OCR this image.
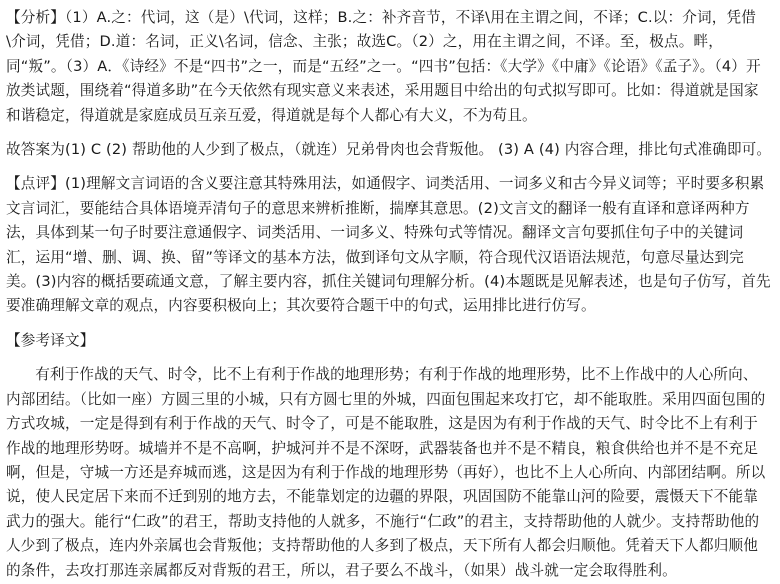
【分析】（1）A.之：代词，这（是）\代词，这样；B.之：补齐音节，不译\用在主谓之间，不译；C.以：介词，凭借\介词，凭借；D.道：名词，正义\名词，信念、主张；故选C。（2）之，用在主谓之间，不译。至，极点。畔，同“叛”。（3）A．《诗经》不是“四书”之一，而是“五经”之一。“四书”包括：《大学》《中庸》《论语》《孟子》。（4）开放类试题，围绕着“得道多助”在今天依然有现实意义来表述，采用题目中给出的句式拟写即可。比如：得道就是国家和谐稳定，得道就是家庭成员互亲互爱，得道就是每个人都心有大义，不为苟且。

故答案为(1) C (2) 帮助他的人少到了极点，（就连）兄弟骨肉也会背叛他。 (3) A (4) 内容合理，排比句式准确即可。

【点评】(1)理解文言词语的含义要注意其特殊用法，如通假字、词类活用、一词多义和古今异义词等；平时要多积累文言词汇，要能结合具体语境弄清句子的意思来辨析推断，揣摩其意思。(2)文言文的翻译一般有直译和意译两种方法，具体到某一句子时要注意通假字、词类活用、一词多义、特殊句式等情况。翻译文言句要抓住句子中的关键词汇，运用“增、删、调、换、留”等译文的基本方法，做到译句文从字顺，符合现代汉语语法规范，句意尽量达到完美。(3)内容的概括要疏通文意，了解主要内容，抓住关键词句理解分析。(4)本题既是见解表述，也是句子仿写，首先要准确理解文章的观点，内容要积极向上；其次要符合题干中的句式，运用排比进行仿写。

【参考译文】

有利于作战的天气、时令，比不上有利于作战的地理形势；有利于作战的地理形势，比不上作战中的人心所向、内部团结。（比如一座）方圆三里的小城，只有方圆七里的外城，四面包围起来攻打它，却不能取胜。采用四面包围的方式攻城，一定是得到有利于作战的天气、时令了，可是不能取胜，这是因为有利于作战的天气、时令比不上有利于作战的地理形势呀。城墙并不是不高啊，护城河并不是不深呀，武器装备也并不是不精良，粮食供给也并不是不充足啊，但是，守城一方还是弃城而逃，这是因为有利于作战的地理形势（再好），也比不上人心所向、内部团结啊。所以说，使人民定居下来而不迁到别的地方去，不能靠划定的边疆的界限，巩固国防不能靠山河的险要，震慑天下不能靠武力的强大。能行“仁政”的君王，帮助支持他的人就多，不施行“仁政”的君主，支持帮助他的人就少。支持帮助他的人少到了极点，连内外亲属也会背叛他；支持帮助他的人多到了极点，天下所有人都会归顺他。凭着天下人都归顺他的条件，去攻打那连亲属都反对背叛的君王，所以，君子要么不战斗，（如果）战斗就一定会取得胜利。
